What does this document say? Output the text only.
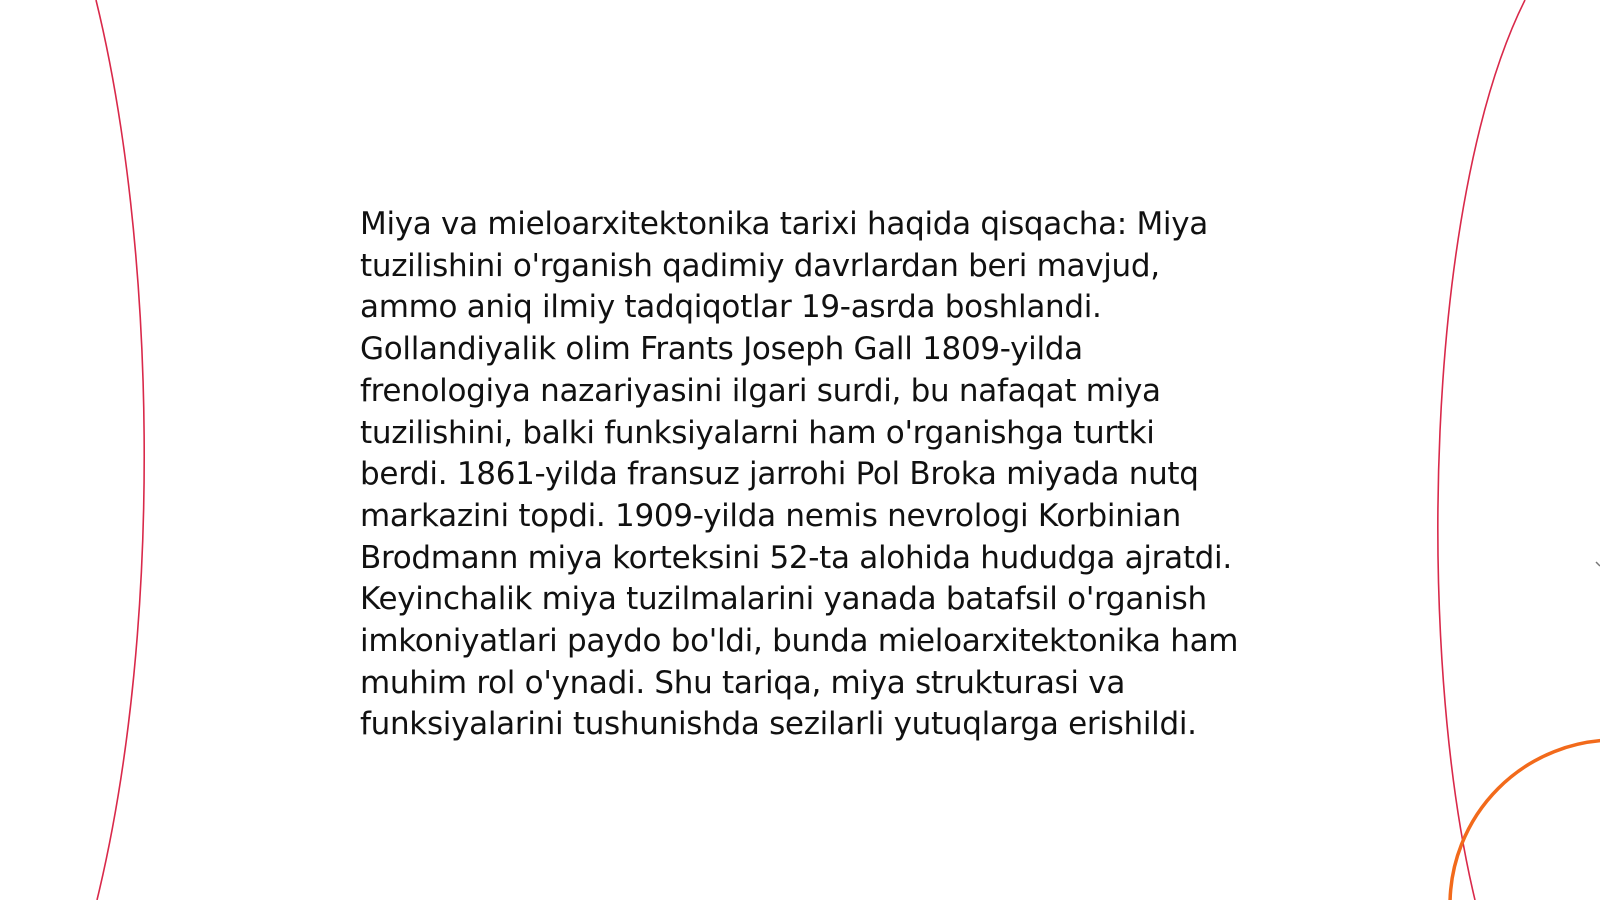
Miya va mieloarxitektonika tarixi haqida qisqacha: Miya tuzilishini o'rganish qadimiy davrlardan beri mavjud, ammo aniq ilmiy tadqiqotlar 19-asrda boshlandi. Gollandiyalik olim Frants Joseph Gall 1809-yilda frenologiya nazariyasini ilgari surdi, bu nafaqat miya tuzilishini, balki funksiyalarni ham o'rganishga turtki berdi. 1861-yilda fransuz jarrohi Pol Broka miyada nutq markazini topdi. 1909-yilda nemis nevrologi Korbinian Brodmann miya korteksini 52-ta alohida hududga ajratdi. Keyinchalik miya tuzilmalarini yanada batafsil o'rganish imkoniyatlari paydo bo'ldi, bunda mieloarxitektonika ham muhim rol o'ynadi. Shu tariqa, miya strukturasi va funksiyalarini tushunishda sezilarli yutuqlarga erishildi.
